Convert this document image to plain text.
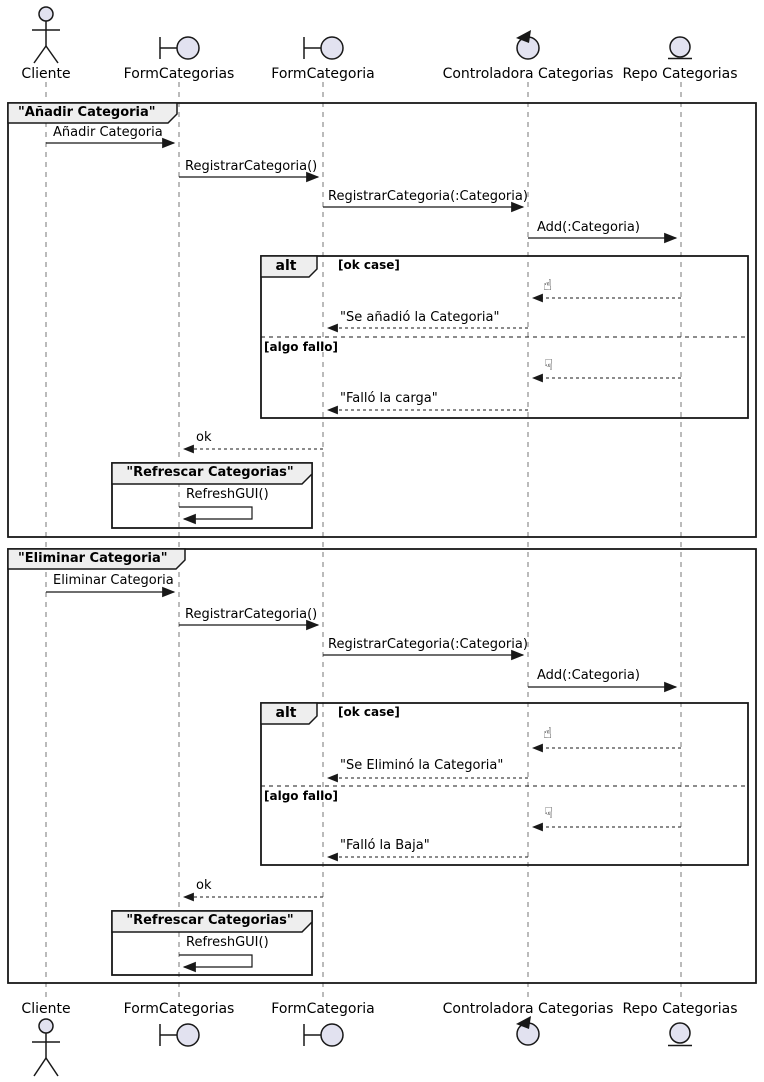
Cliente	FormCategorias	FormCategoria	Controladora Categorias Repo Categorias
Cliente	FormCategorias	FormCategoria	Controladora Categorias Repo Categorias
"Añadir Categoria"
Añadir Categoria
RegistrarCategoria()
RegistrarCategoria(:Categoria)
Add(:Categoria)
alt	[ok case]
☝
"Se añadió la Categoria"
[algo fallo]
☟
"Falló la carga"
ok
"Refrescar Categorias"
RefreshGUI()
"Eliminar Categoria"
Eliminar Categoria
RegistrarCategoria()
RegistrarCategoria(:Categoria)
Add(:Categoria)
alt	[ok case]
☝
"Se Eliminó la Categoria"
[algo fallo]
☟
"Falló la Baja"
ok
"Refrescar Categorias"
RefreshGUI()
